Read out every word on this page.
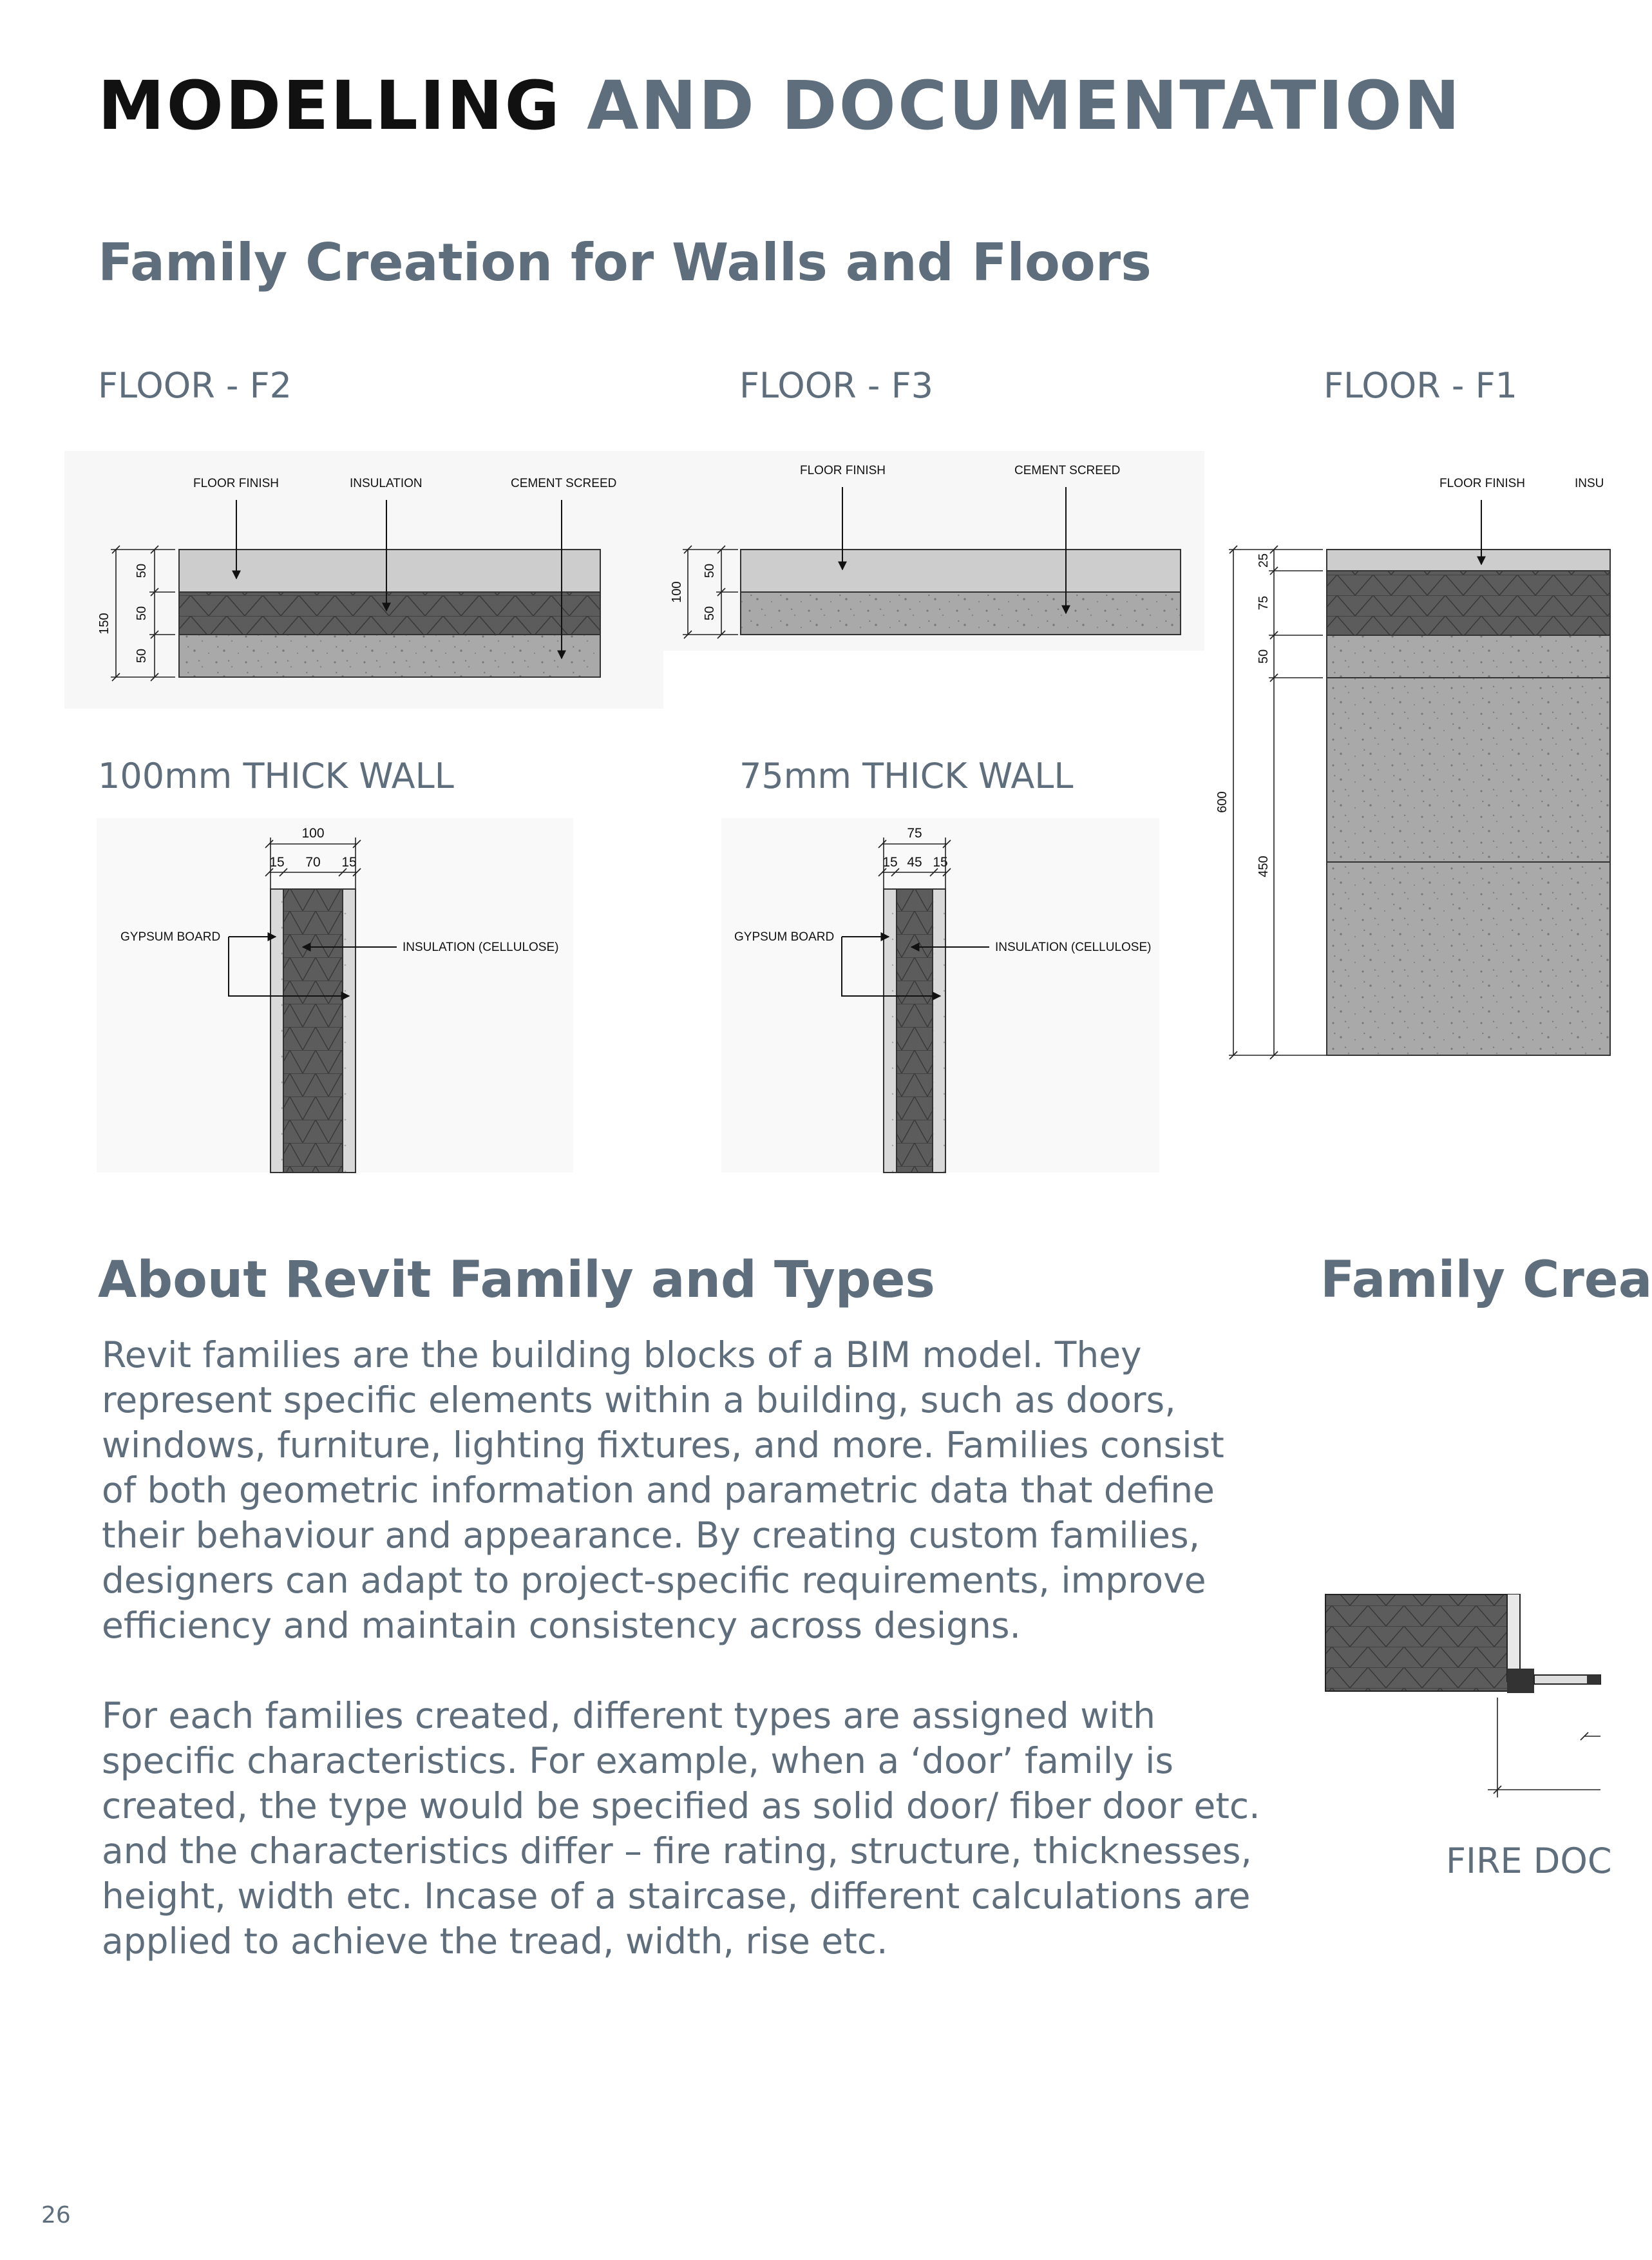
MODELLING AND DOCUMENTATION
Family Creation for Walls and Floors
FLOOR - F2	FLOOR - F3	FLOOR - F1
100mm THICK WALL	75mm THICK WALL
FLOOR FINISH	INSULATION	CEMENT SCREED
150
50
50
50
FLOOR FINISH	CEMENT SCREED
100
50
50
FLOOR FINISH	INSU
600
25
75
50
450
100
15 70 15
GYPSUM BOARD
INSULATION (CELLULOSE)
75
15 45 15
GYPSUM BOARD
INSULATION (CELLULOSE)
About Revit Family and Types

Revit families are the building blocks of a BIM model. They represent specific elements within a building, such as doors, windows, furniture, lighting fixtures, and more. Families consist of both geometric information and parametric data that define their behaviour and appearance. By creating custom families, designers can adapt to project-specific requirements, improve efficiency and maintain consistency across designs.

For each families created, different types are assigned with specific characteristics. For example, when a ‘door’ family is created, the type would be specified as solid door/ fiber door etc. and the characteristics differ – fire rating, structure, thicknesses, height, width etc. Incase of a staircase, different calculations are applied to achieve the tread, width, rise etc.

Family Crea
FIRE DOC
26
